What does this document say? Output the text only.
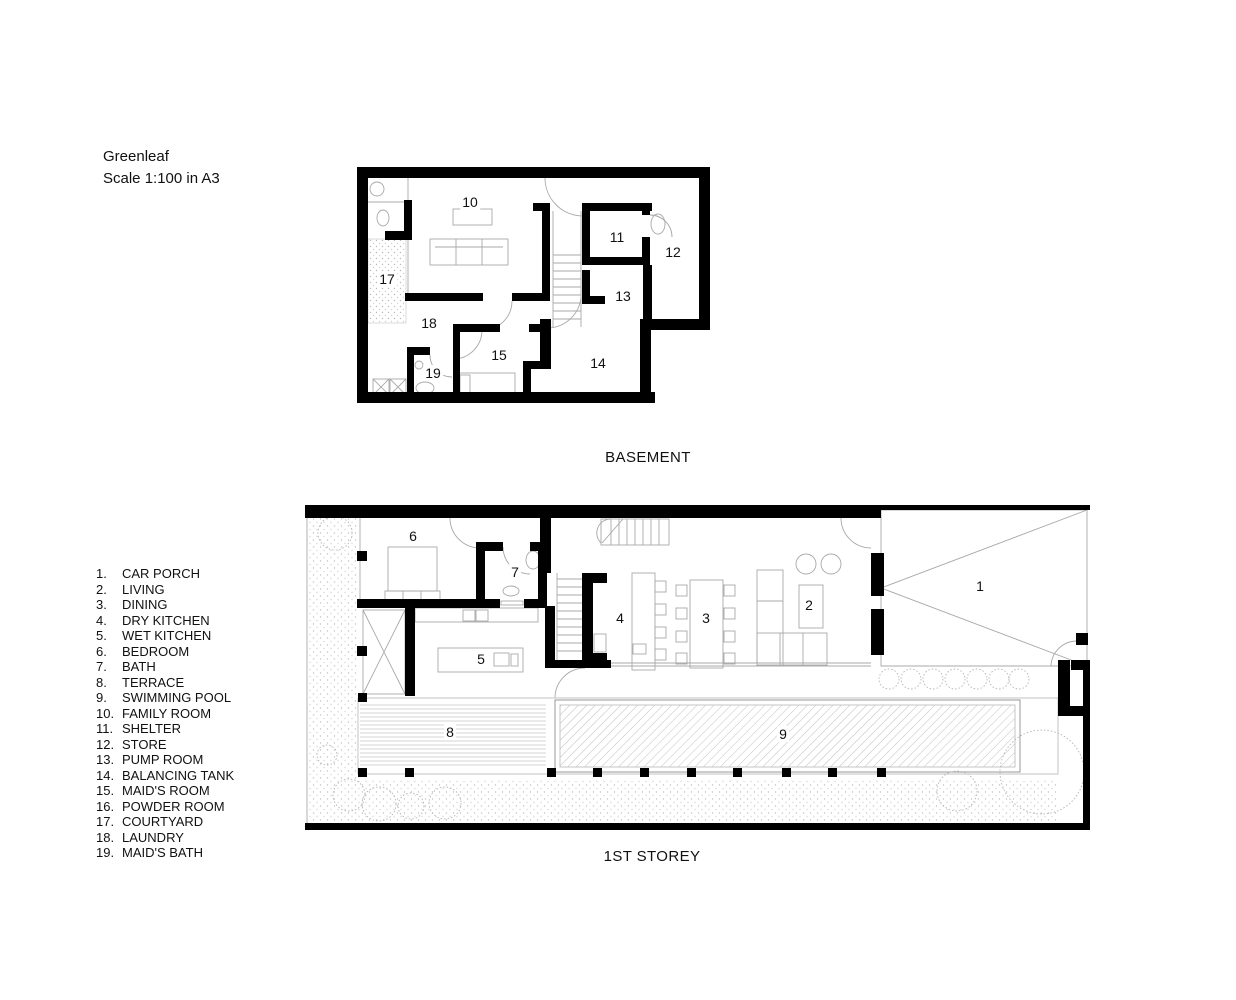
Greenleaf
Scale 1:100 in A3
1.	CAR PORCH
2.	LIVING
3.	DINING
4.	DRY KITCHEN
5.	WET KITCHEN
6.	BEDROOM
7.	BATH
8.	TERRACE
9.	SWIMMING POOL
10. FAMILY ROOM
11. SHELTER
12. STORE
13. PUMP ROOM
14. BALANCING TANK
15. MAID'S ROOM
16. POWDER ROOM
17. COURTYARD
18. LAUNDRY
19. MAID'S BATH
10
11
12
13
14
15
17
18
19
BASEMENT
1
2
3
4
5
6
7
8	9
1ST STOREY
